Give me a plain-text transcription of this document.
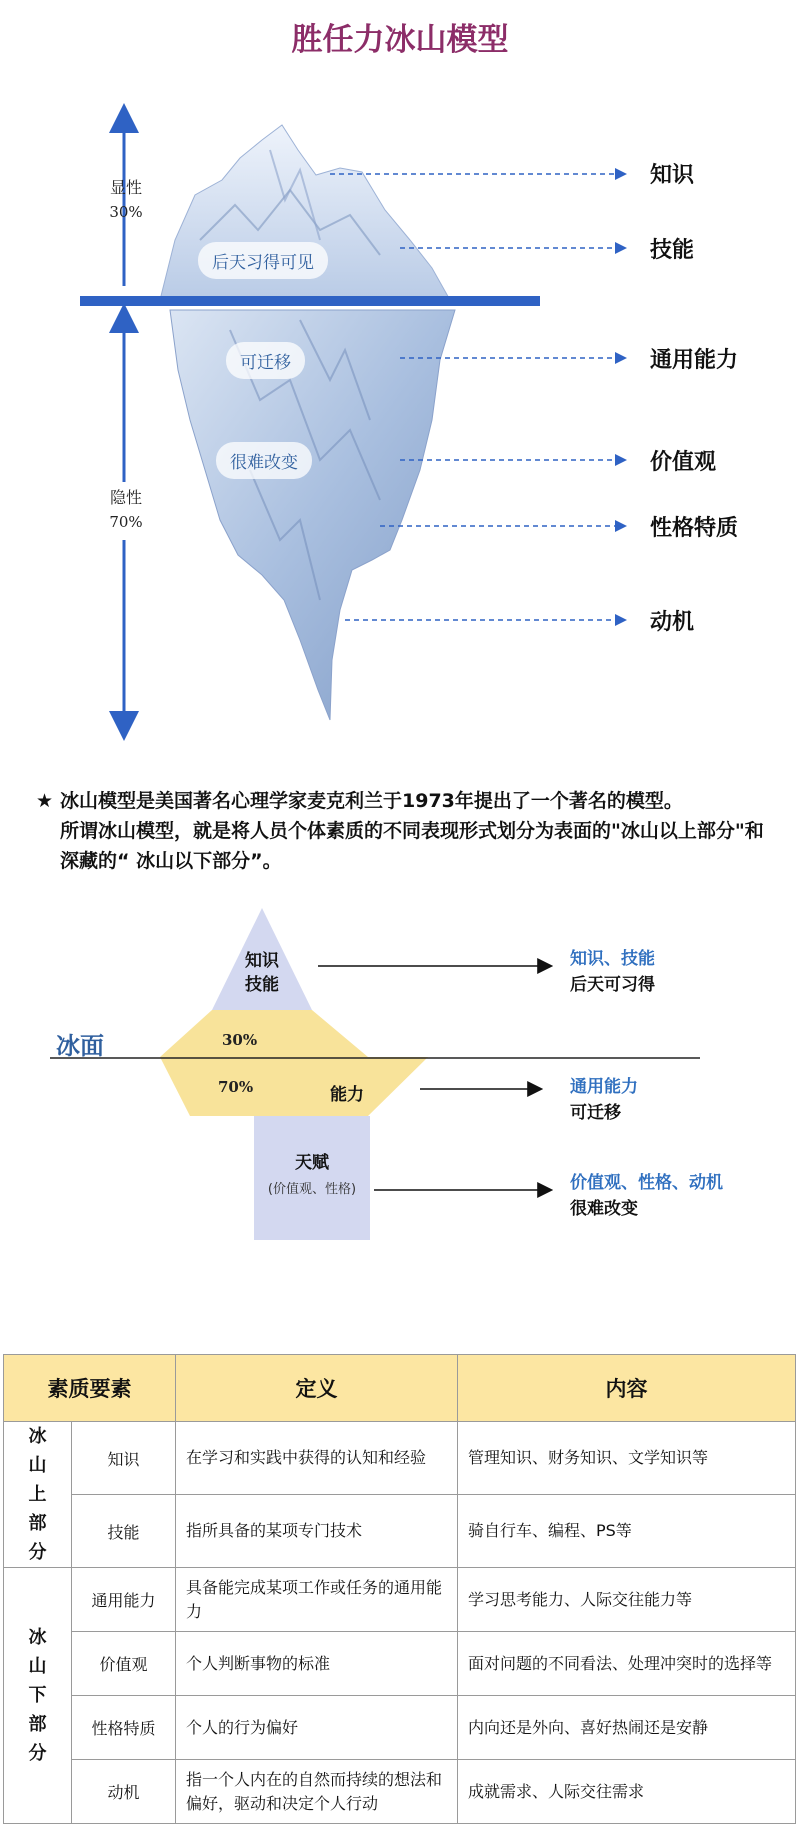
胜任力冰山模型
显性
30%
隐性
70%
后天习得可见
可迁移
很难改变
知识
技能
通用能力
价值观
性格特质
动机

★ 冰山模型是美国著名心理学家麦克利兰于1973年提出了一个著名的模型。

所谓冰山模型，就是将人员个体素质的不同表现形式划分为表面的"冰山以上部分"和深藏的“ 冰山以下部分”。

知识
技能
冰面	30%
70%	能力
天赋
(价值观、性格)
知识、技能
后天可习得
通用能力
可迁移
价值观、性格、动机
很难改变
素质要素		定义	内容

冰山上部分	知识	在学习和实践中获得的认知和经验	管理知识、财务知识、文学知识等
	技能	指所具备的某项专门技术	骑自行车、编程、PS等

冰山下部分	通用能力	具备能完成某项工作或任务的通用能力	学习思考能力、人际交往能力等
	价值观	个人判断事物的标准	面对问题的不同看法、处理冲突时的选择等
	性格特质	个人的行为偏好	内向还是外向、喜好热闹还是安静
	动机	指一个人内在的自然而持续的想法和偏好，驱动和决定个人行动	成就需求、人际交往需求
